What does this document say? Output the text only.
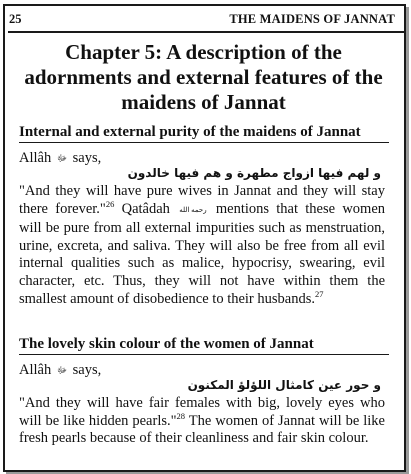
25	THE MAIDENS OF JANNAT
Chapter 5: A description of the adornments and external features of the maidens of Jannat
Internal and external purity of the maidens of Jannat
Allâh ﷻ says,
و لهم فيها ازواج مطهرة و هم فيها خالدون

"And they will have pure wives in Jannat and they will stay there forever."$^{26}$ Qatâdah رحمه الله mentions that these women will be pure from all external impurities such as menstruation, urine, excreta, and saliva. They will also be free from all evil internal qualities such as malice, hypocrisy, swearing, evil character, etc. Thus, they will not have within them the smallest amount of disobedience to their husbands.$^{27}$

The lovely skin colour of the women of Jannat
Allâh ﷻ says,
و حور عين كامثال اللؤلؤ المكنون

"And they will have fair females with big, lovely eyes who will be like hidden pearls."$^{28}$ The women of Jannat will be like fresh pearls because of their cleanliness and fair skin colour.
